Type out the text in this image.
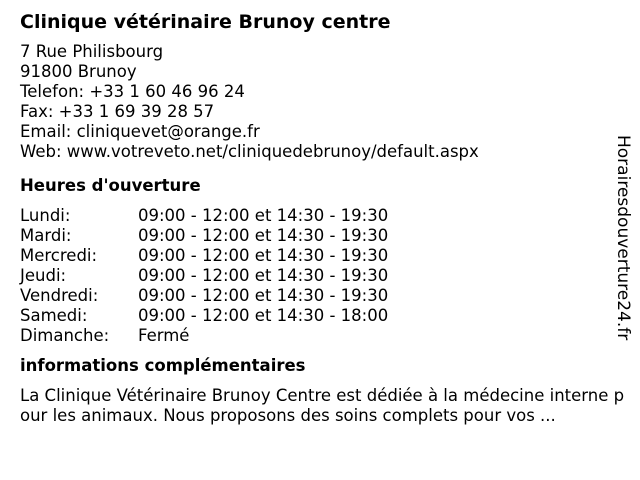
Clinique vétérinaire Brunoy centre
7 Rue Philisbourg
91800 Brunoy
Telefon: +33 1 60 46 96 24
Fax: +33 1 69 39 28 57
Email: cliniquevet@orange.fr
Web: www.votreveto.net/cliniquedebrunoy/default.aspx
Heures d'ouverture
Lundi:	09:00 - 12:00 et 14:30 - 19:30
Mardi:	09:00 - 12:00 et 14:30 - 19:30
Mercredi:	09:00 - 12:00 et 14:30 - 19:30
Jeudi:	09:00 - 12:00 et 14:30 - 19:30
Vendredi:	09:00 - 12:00 et 14:30 - 19:30
Samedi:	09:00 - 12:00 et 14:30 - 18:00
Dimanche:	Fermé
informations complémentaires
La Clinique Vétérinaire Brunoy Centre est dédiée à la médecine interne pour les animaux. Nous proposons des soins complets pour vos ...
Horairesdouverture24.fr
